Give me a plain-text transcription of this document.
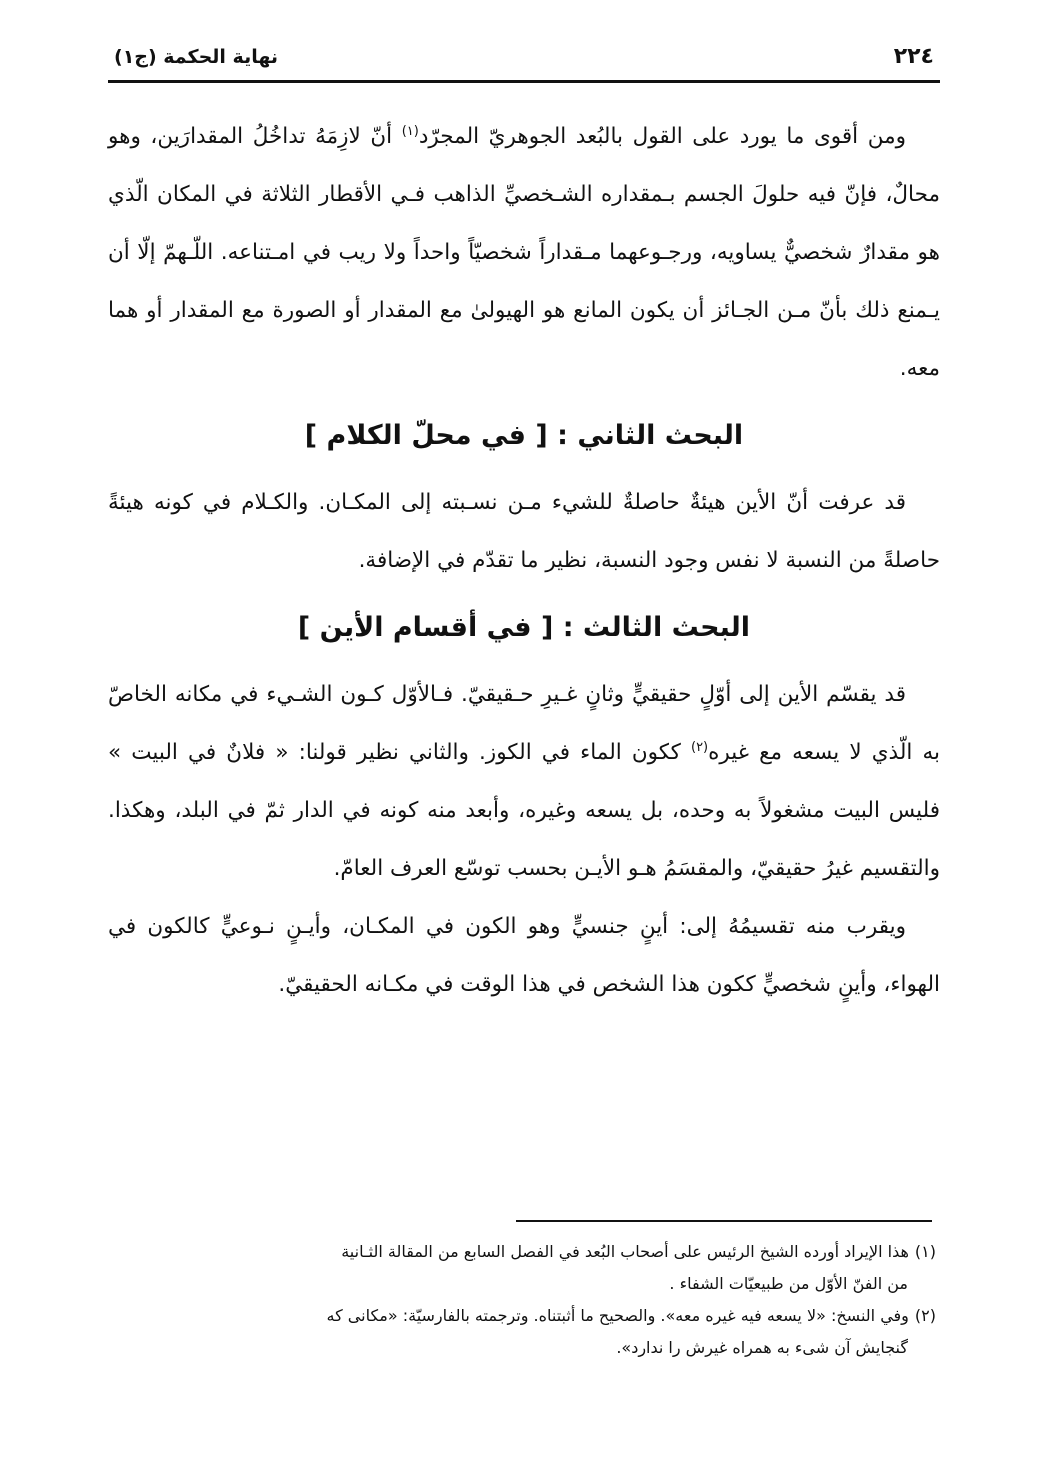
٢٢٤
نهاية الحكمة (ج١)

ومن أقوى ما يورد على القول بالبُعد الجوهريّ المجرّد$^{(١)}$ أنّ لازِمَهُ تداخُلُ المقدارَين، وهو محالٌ، فإنّ فيه حلولَ الجسم بـمقداره الشـخصيِّ الذاهب فـي الأقطار الثلاثة في المكان الّذي هو مقدارٌ شخصيٌّ يساويه، ورجـوعهما مـقداراً شخصيّاً واحداً ولا ريب في امـتناعه. اللّـهمّ إلّا أن يـمنع ذلك بأنّ مـن الجـائز أن يكون المانع هو الهيولىٰ مع المقدار أو الصورة مع المقدار أو هما معه.

البحث الثاني : [ في محلّ الكلام ]

قد عرفت أنّ الأين هيئةٌ حاصلةٌ للشيء مـن نسـبته إلى المكـان. والكـلام في كونه هيئةً حاصلةً من النسبة لا نفس وجود النسبة، نظير ما تقدّم في الإضافة.

البحث الثالث : [ في أقسام الأين ]

قد يقسّم الأين إلى أوّلٍ حقيقيٍّ وثانٍ غـيرِ حـقيقيّ. فـالأوّل كـون الشـيء في مكانه الخاصّ به الّذي لا يسعه مع غيره$^{(٢)}$ ككون الماء في الكوز. والثاني نظير قولنا: « فلانٌ في البيت » فليس البيت مشغولاً به وحده، بل يسعه وغيره، وأبعد منه كونه في الدار ثمّ في البلد، وهكذا. والتقسيم غيرُ حقيقيّ، والمقسَمُ هـو الأيـن بحسب توسّع العرف العامّ.

ويقرب منه تقسيمُهُ إلى: أينٍ جنسيٍّ وهو الكون في المكـان، وأيـنٍ نـوعيٍّ كالكون في الهواء، وأينٍ شخصيٍّ ككون هذا الشخص في هذا الوقت في مكـانه الحقيقيّ.

(١)هذا الإيراد أورده الشيخ الرئيس على أصحاب البُعد في الفصل السابع من المقالة الثـانية

من الفنّ الأوّل من طبيعيّات الشفاء .

(٢)وفي النسخ: «لا يسعه فيه غيره معه». والصحيح ما أثبتناه. وترجمته بالفارسيّة: «مكانى كه

گنجايش آن شىء به همراه غيرش را ندارد».
